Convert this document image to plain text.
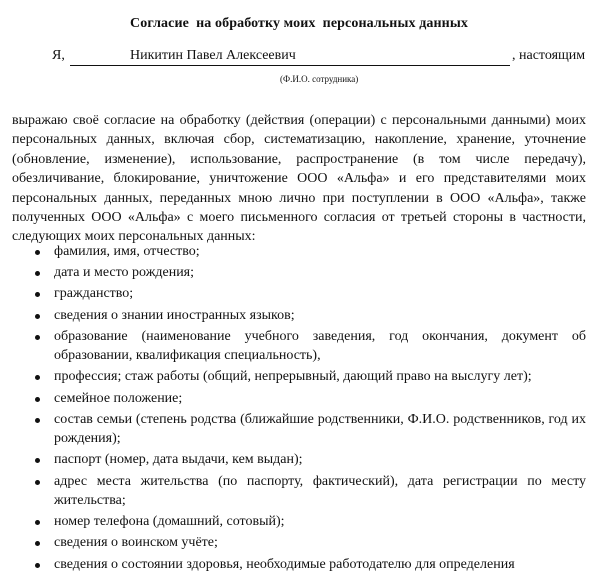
Согласие  на обработку моих  персональных данных
Я,	Никитин Павел Алексеевич	, настоящим
(Ф.И.О. сотрудника)
выражаю своё согласие на обработку (действия (операции) с персональными данными) моих персональных данных, включая сбор, систематизацию, накопление, хранение, уточнение (обновление, изменение), использование, распространение (в том числе передачу), обезличивание, блокирование, уничтожение ООО «Альфа» и его представителями моих персональных данных, переданных мною лично при поступлении в ООО «Альфа», также полученных ООО «Альфа» с моего письменного согласия от третьей стороны в частности, следующих моих персональных данных:
фамилия, имя, отчество;
дата и место рождения;
гражданство;
сведения о знании иностранных языков;
образование (наименование учебного заведения, год окончания, документ об образовании, квалификация специальность),
профессия; стаж работы (общий, непрерывный, дающий право на выслугу лет);
семейное положение;
состав семьи (степень родства (ближайшие родственники, Ф.И.О. родственников, год их рождения);
паспорт (номер, дата выдачи, кем выдан);
адрес места жительства (по паспорту, фактический), дата регистрации по месту жительства;
номер телефона (домашний, сотовый);
сведения о воинском учёте;
сведения о состоянии здоровья, необходимые работодателю для определения
